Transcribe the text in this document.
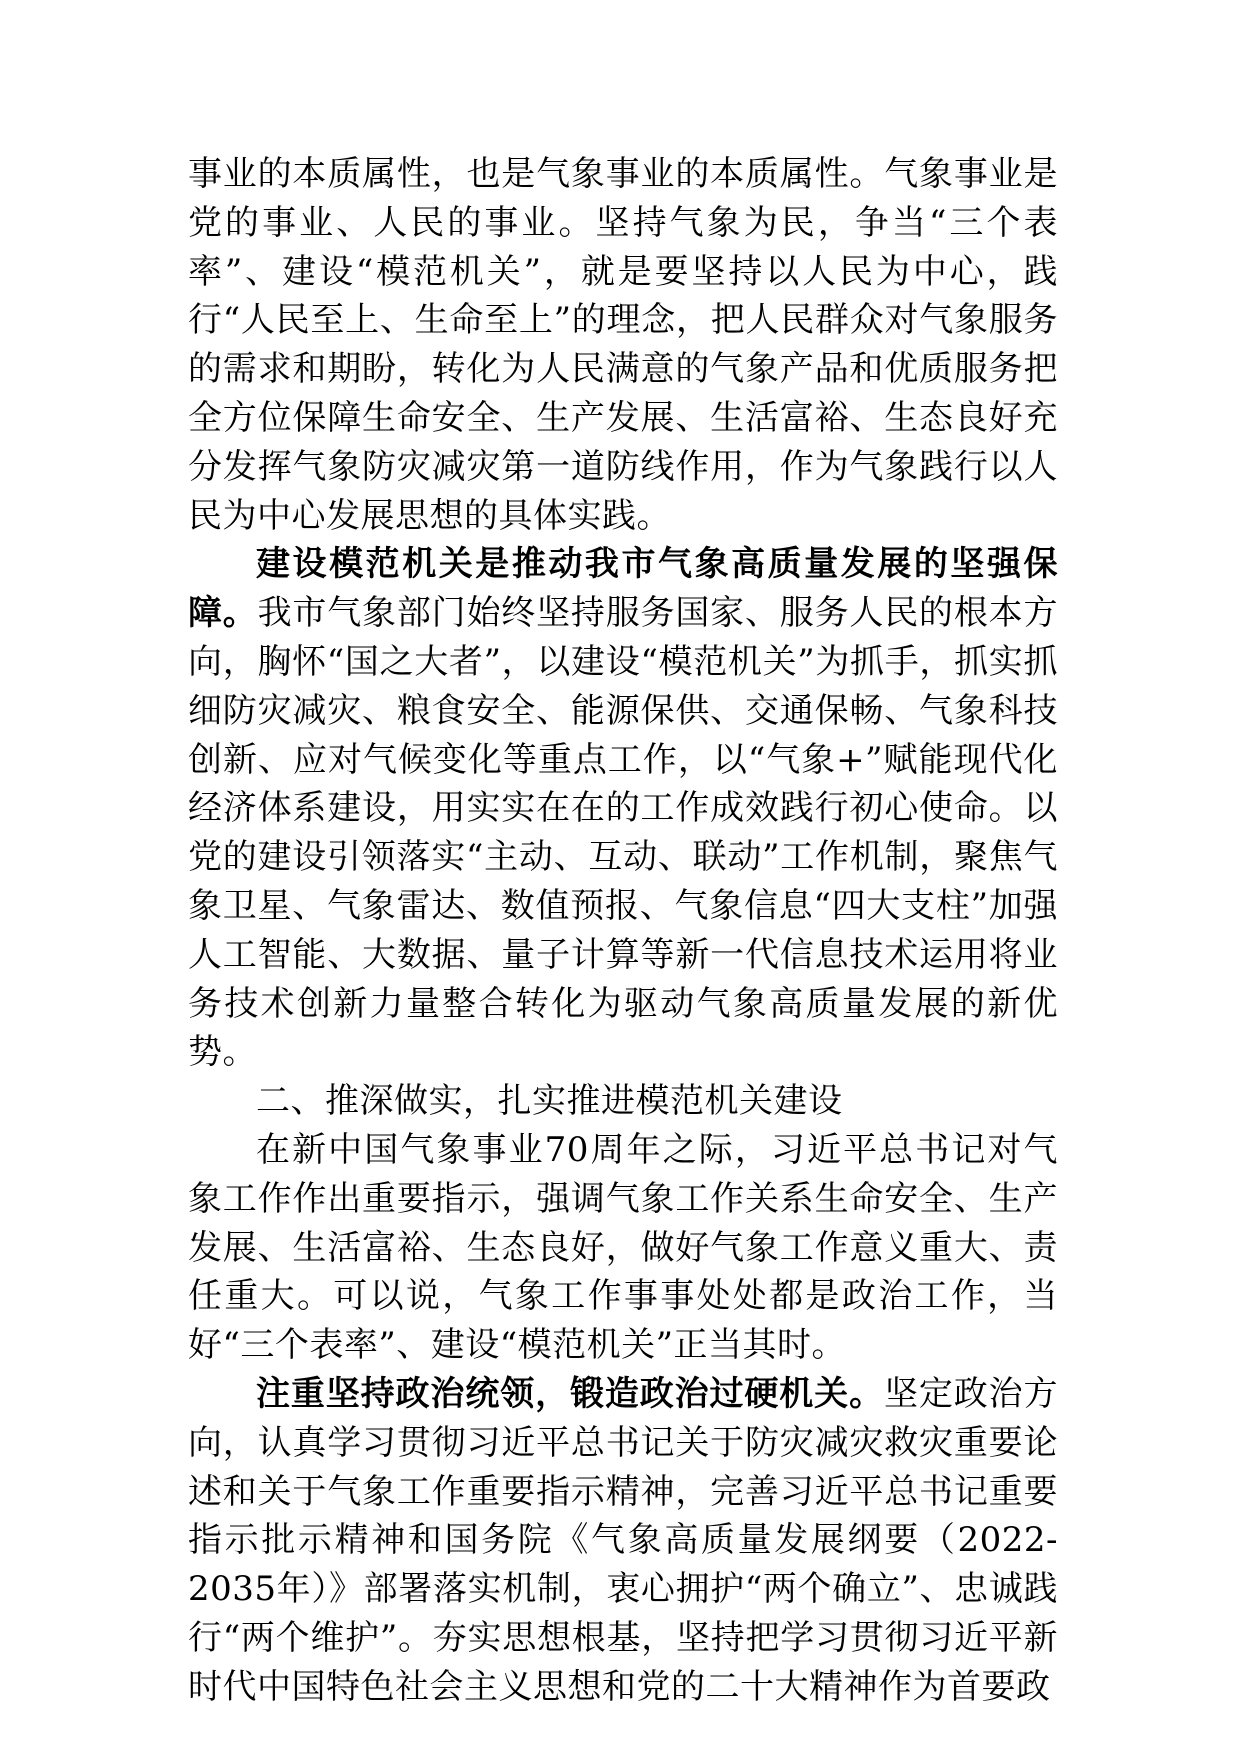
事业的本质属性，也是气象事业的本质属性。气象事业是党的事业、人民的事业。坚持气象为民，争当“三个表率”、建设“模范机关”，就是要坚持以人民为中心，践行“人民至上、生命至上”的理念，把人民群众对气象服务的需求和期盼，转化为人民满意的气象产品和优质服务把全方位保障生命安全、生产发展、生活富裕、生态良好充分发挥气象防灾减灾第一道防线作用，作为气象践行以人民为中心发展思想的具体实践。

建设模范机关是推动我市气象高质量发展的坚强保障。我市气象部门始终坚持服务国家、服务人民的根本方向，胸怀“国之大者”，以建设“模范机关”为抓手，抓实抓细防灾减灾、粮食安全、能源保供、交通保畅、气象科技创新、应对气候变化等重点工作，以“气象+”赋能现代化经济体系建设，用实实在在的工作成效践行初心使命。以党的建设引领落实“主动、互动、联动”工作机制，聚焦气象卫星、气象雷达、数值预报、气象信息“四大支柱”加强人工智能、大数据、量子计算等新一代信息技术运用将业务技术创新力量整合转化为驱动气象高质量发展的新优势。

二、推深做实，扎实推进模范机关建设

在新中国气象事业70周年之际，习近平总书记对气象工作作出重要指示，强调气象工作关系生命安全、生产发展、生活富裕、生态良好，做好气象工作意义重大、责任重大。可以说，气象工作事事处处都是政治工作，当好“三个表率”、建设“模范机关”正当其时。

注重坚持政治统领，锻造政治过硬机关。坚定政治方向，认真学习贯彻习近平总书记关于防灾减灾救灾重要论述和关于气象工作重要指示精神，完善习近平总书记重要指示批示精神和国务院《气象高质量发展纲要（2022-2035年）》部署落实机制，衷心拥护“两个确立”、忠诚践行“两个维护”。夯实思想根基，坚持把学习贯彻习近平新时代中国特色社会主义思想和党的二十大精神作为首要政
